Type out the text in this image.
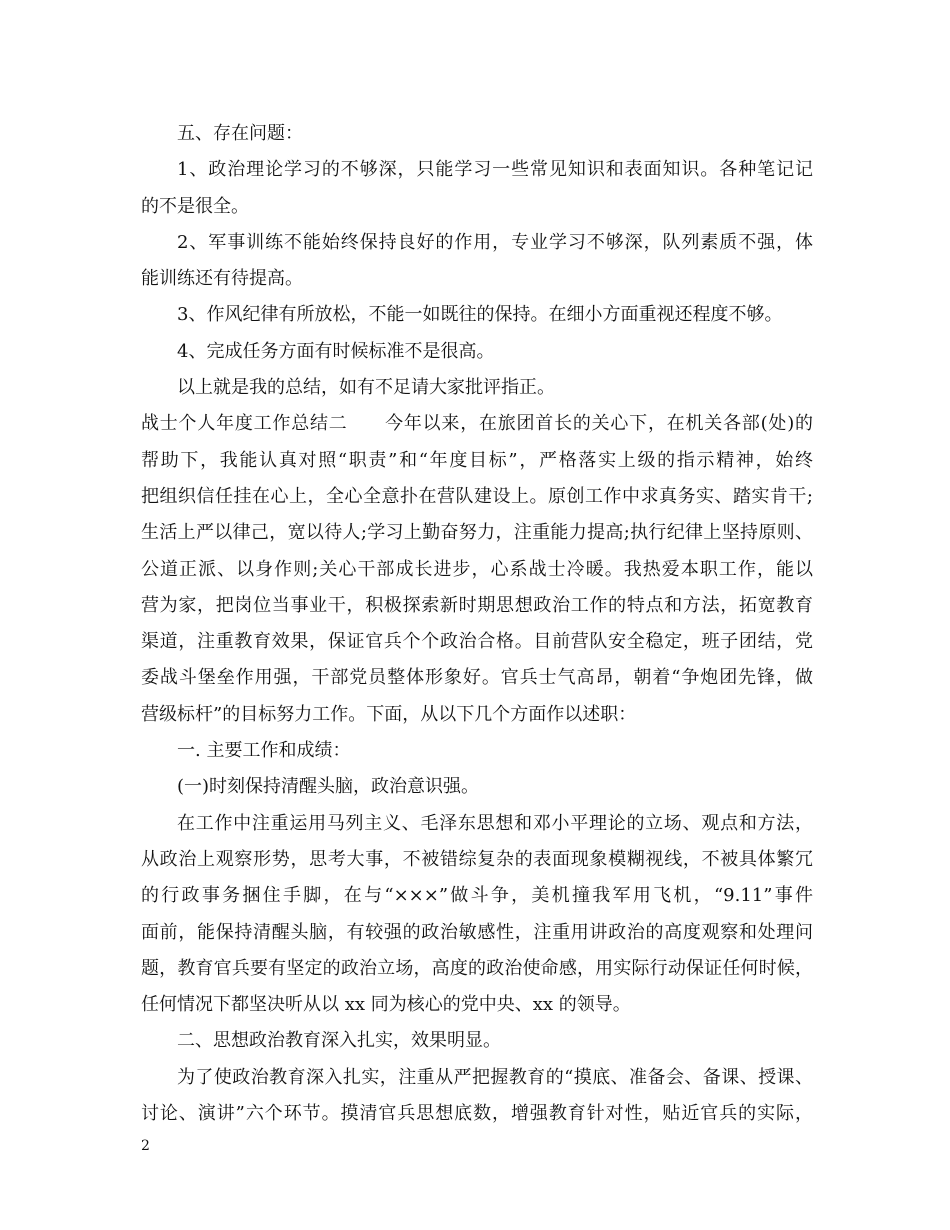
五、存在问题：
1、政治理论学习的不够深，只能学习一些常见知识和表面知识。各种笔记记
的不是很全。
2、军事训练不能始终保持良好的作用，专业学习不够深，队列素质不强，体
能训练还有待提高。
3、作风纪律有所放松，不能一如既往的保持。在细小方面重视还程度不够。
4、完成任务方面有时候标准不是很高。
以上就是我的总结，如有不足请大家批评指正。
战士个人年度工作总结二　　今年以来，在旅团首长的关心下，在机关各部(处)的
帮助下，我能认真对照“职责”和“年度目标”，严格落实上级的指示精神，始终
把组织信任挂在心上，全心全意扑在营队建设上。原创工作中求真务实、踏实肯干;
生活上严以律己，宽以待人;学习上勤奋努力，注重能力提高;执行纪律上坚持原则、
公道正派、以身作则;关心干部成长进步，心系战士冷暖。我热爱本职工作，能以
营为家，把岗位当事业干，积极探索新时期思想政治工作的特点和方法，拓宽教育
渠道，注重教育效果，保证官兵个个政治合格。目前营队安全稳定，班子团结，党
委战斗堡垒作用强，干部党员整体形象好。官兵士气高昂，朝着“争炮团先锋，做
营级标杆”的目标努力工作。下面，从以下几个方面作以述职：
一. 主要工作和成绩：
(一)时刻保持清醒头脑，政治意识强。
在工作中注重运用马列主义、毛泽东思想和邓小平理论的立场、观点和方法，
从政治上观察形势，思考大事，不被错综复杂的表面现象模糊视线，不被具体繁冗
的行政事务捆住手脚，在与“×××”做斗争，美机撞我军用飞机，“9.11”事件
面前，能保持清醒头脑，有较强的政治敏感性，注重用讲政治的高度观察和处理问
题，教育官兵要有坚定的政治立场，高度的政治使命感，用实际行动保证任何时候，
任何情况下都坚决听从以 xx 同为核心的党中央、xx 的领导。
二、思想政治教育深入扎实，效果明显。
为了使政治教育深入扎实，注重从严把握教育的“摸底、准备会、备课、授课、
讨论、演讲”六个环节。摸清官兵思想底数，增强教育针对性，贴近官兵的实际，
2
